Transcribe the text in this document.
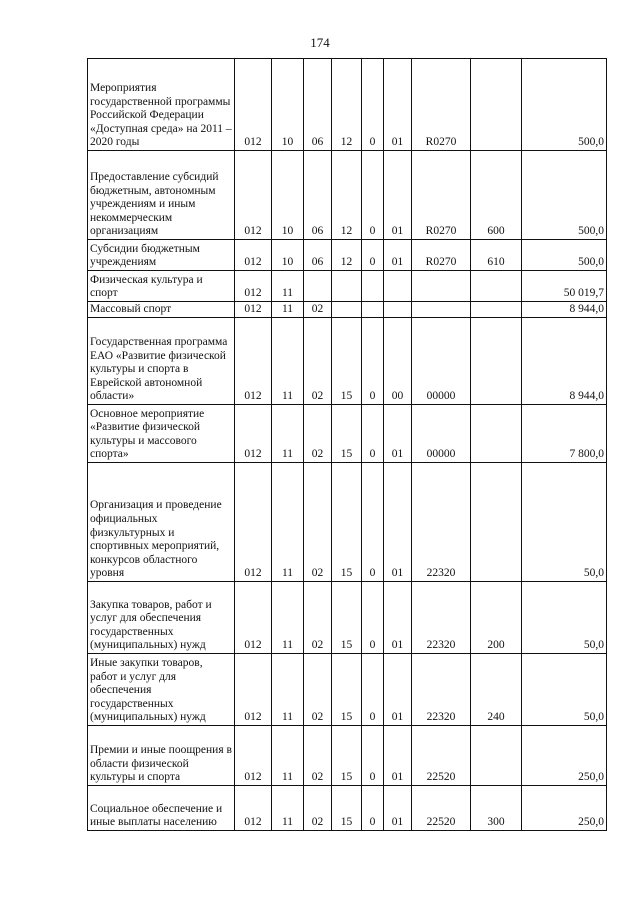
174
Мероприятия государственной программы Российской Федерации «Доступная среда» на 2011 – 2020 годы	012	10	06	12	0	01	R0270		500,0

Предоставление субсидий бюджетным, автономным учреждениям и иным некоммерческим организациям	012	10	06	12	0	01	R0270	600	500,0

Субсидии бюджетным учреждениям	012	10	06	12	0	01	R0270	610	500,0

Физическая культура и спорт	012	11							50 019,7

Массовый спорт	012	11	02						8 944,0

Государственная программа ЕАО «Развитие физической культуры и спорта в Еврейской автономной области»	012	11	02	15	0	00	00000		8 944,0

Основное мероприятие «Развитие физической культуры и массового спорта»	012	11	02	15	0	01	00000		7 800,0

Организация и проведение официальных физкультурных и спортивных мероприятий, конкурсов областного уровня	012	11	02	15	0	01	22320		50,0

Закупка товаров, работ и услуг для обеспечения государственных (муниципальных) нужд	012	11	02	15	0	01	22320	200	50,0

Иные закупки товаров, работ и услуг для обеспечения государственных (муниципальных) нужд	012	11	02	15	0	01	22320	240	50,0

Премии и иные поощрения в области физической культуры и спорта	012	11	02	15	0	01	22520		250,0

Социальное обеспечение и иные выплаты населению	012	11	02	15	0	01	22520	300	250,0
